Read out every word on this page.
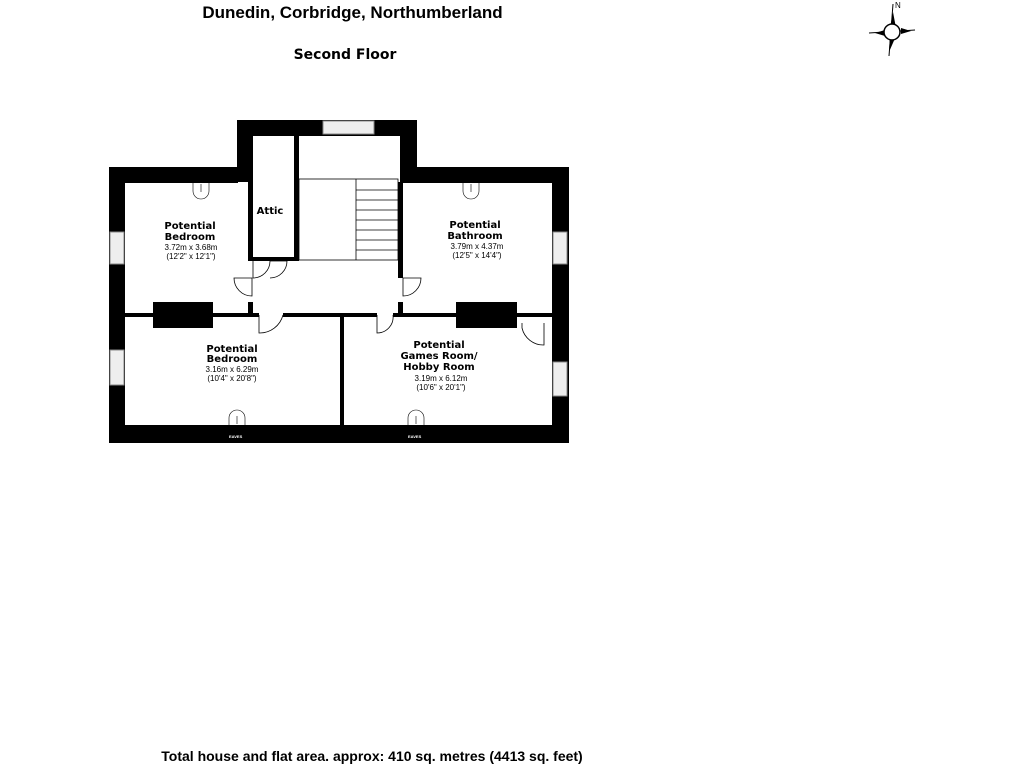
Dunedin, Corbridge, Northumberland
Second Floor
N
EAVES	EAVES
EAVES	EAVES
Potential
Bedroom
3.72m x 3.68m
(12'2" x 12'1")
Attic
Potential
Bathroom
3.79m x 4.37m
(12'5" x 14'4")
Potential
Bedroom
3.16m x 6.29m
(10'4" x 20'8")
Potential
Games Room/
Hobby Room
3.19m x 6.12m
(10'6" x 20'1")
Total house and flat area. approx: 410 sq. metres (4413 sq. feet)
